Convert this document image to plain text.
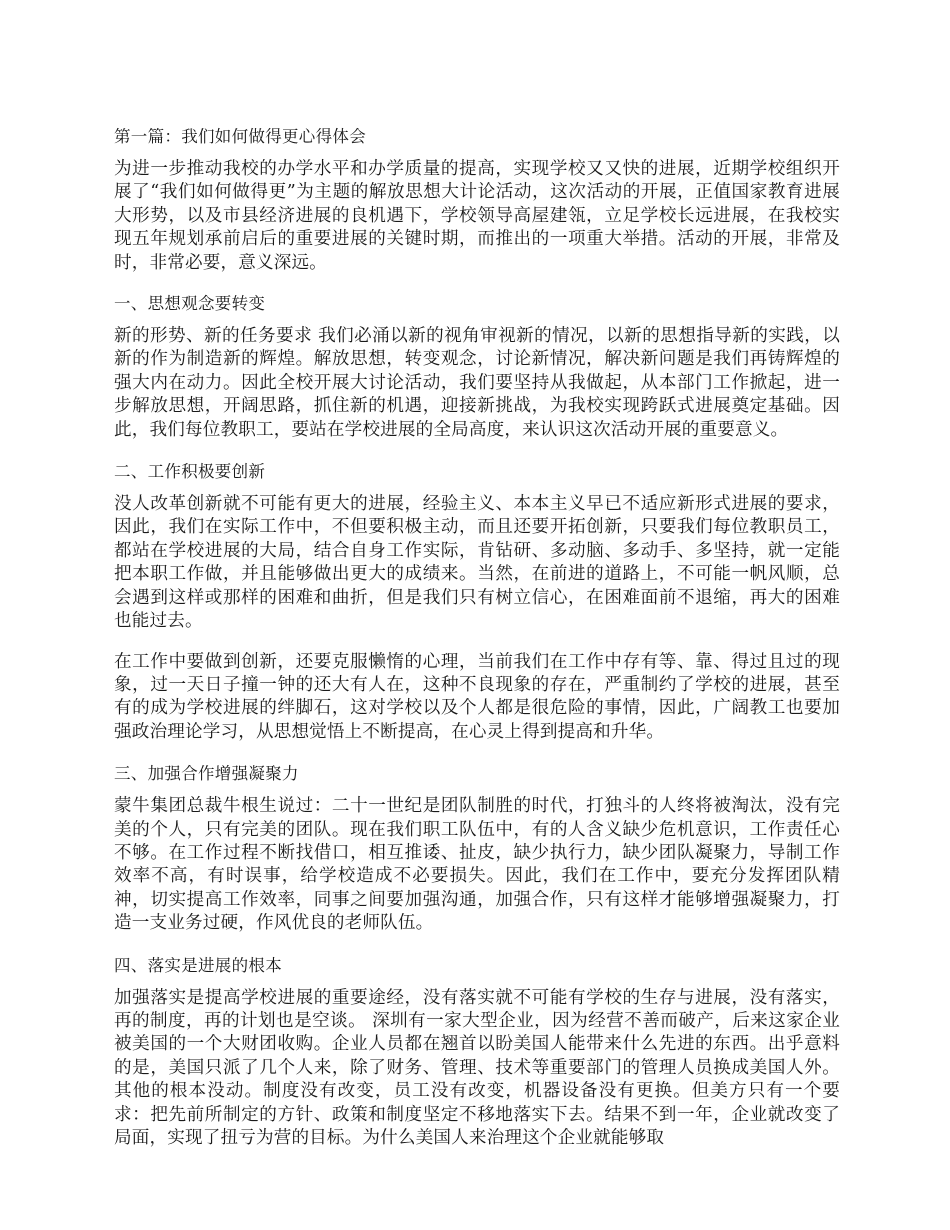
第一篇：我们如何做得更心得体会

为进一步推动我校的办学水平和办学质量的提高，实现学校又又快的进展，近期学校组织开展了“我们如何做得更”为主题的解放思想大计论活动，这次活动的开展，正值国家教育进展大形势，以及市县经济进展的良机遇下，学校领导高屋建瓴，立足学校长远进展，在我校实现五年规划承前启后的重要进展的关键时期，而推出的一项重大举措。活动的开展，非常及时，非常必要，意义深远。

一、思想观念要转变

新的形势、新的任务要求 我们必涌以新的视角审视新的情况，以新的思想指导新的实践，以新的作为制造新的辉煌。解放思想，转变观念，讨论新情况，解决新问题是我们再铸辉煌的强大内在动力。因此全校开展大讨论活动，我们要坚持从我做起，从本部门工作掀起，进一步解放思想，开阔思路，抓住新的机遇，迎接新挑战，为我校实现跨跃式进展奠定基础。因此，我们每位教职工，要站在学校进展的全局高度，来认识这次活动开展的重要意义。

二、工作积极要创新

没人改革创新就不可能有更大的进展，经验主义、本本主义早已不适应新形式进展的要求，因此，我们在实际工作中，不但要积极主动，而且还要开拓创新，只要我们每位教职员工，都站在学校进展的大局，结合自身工作实际，肯钻研、多动脑、多动手、多坚持，就一定能把本职工作做，并且能够做出更大的成绩来。当然，在前进的道路上，不可能一帆风顺，总会遇到这样或那样的困难和曲折，但是我们只有树立信心，在困难面前不退缩，再大的困难也能过去。

在工作中要做到创新，还要克服懒惰的心理，当前我们在工作中存有等、靠、得过且过的现象，过一天日子撞一钟的还大有人在，这种不良现象的存在，严重制约了学校的进展，甚至有的成为学校进展的绊脚石，这对学校以及个人都是很危险的事情，因此，广阔教工也要加强政治理论学习，从思想觉悟上不断提高，在心灵上得到提高和升华。

三、加强合作增强凝聚力

蒙牛集团总裁牛根生说过：二十一世纪是团队制胜的时代，打独斗的人终将被淘汰，没有完美的个人，只有完美的团队。现在我们职工队伍中，有的人含义缺少危机意识，工作责任心不够。在工作过程不断找借口，相互推诿、扯皮，缺少执行力，缺少团队凝聚力，导制工作效率不高，有时误事，给学校造成不必要损失。因此，我们在工作中，要充分发挥团队精神，切实提高工作效率，同事之间要加强沟通，加强合作，只有这样才能够增强凝聚力，打造一支业务过硬，作风优良的老师队伍。

四、落实是进展的根本

加强落实是提高学校进展的重要途经，没有落实就不可能有学校的生存与进展，没有落实，再的制度，再的计划也是空谈。 深圳有一家大型企业，因为经营不善而破产，后来这家企业被美国的一个大财团收购。企业人员都在翘首以盼美国人能带来什么先进的东西。出乎意料的是，美国只派了几个人来，除了财务、管理、技术等重要部门的管理人员换成美国人外。其他的根本没动。制度没有改变，员工没有改变，机器设备没有更换。但美方只有一个要求：把先前所制定的方针、政策和制度坚定不移地落实下去。结果不到一年，企业就改变了局面，实现了扭亏为营的目标。为什么美国人来治理这个企业就能够取
